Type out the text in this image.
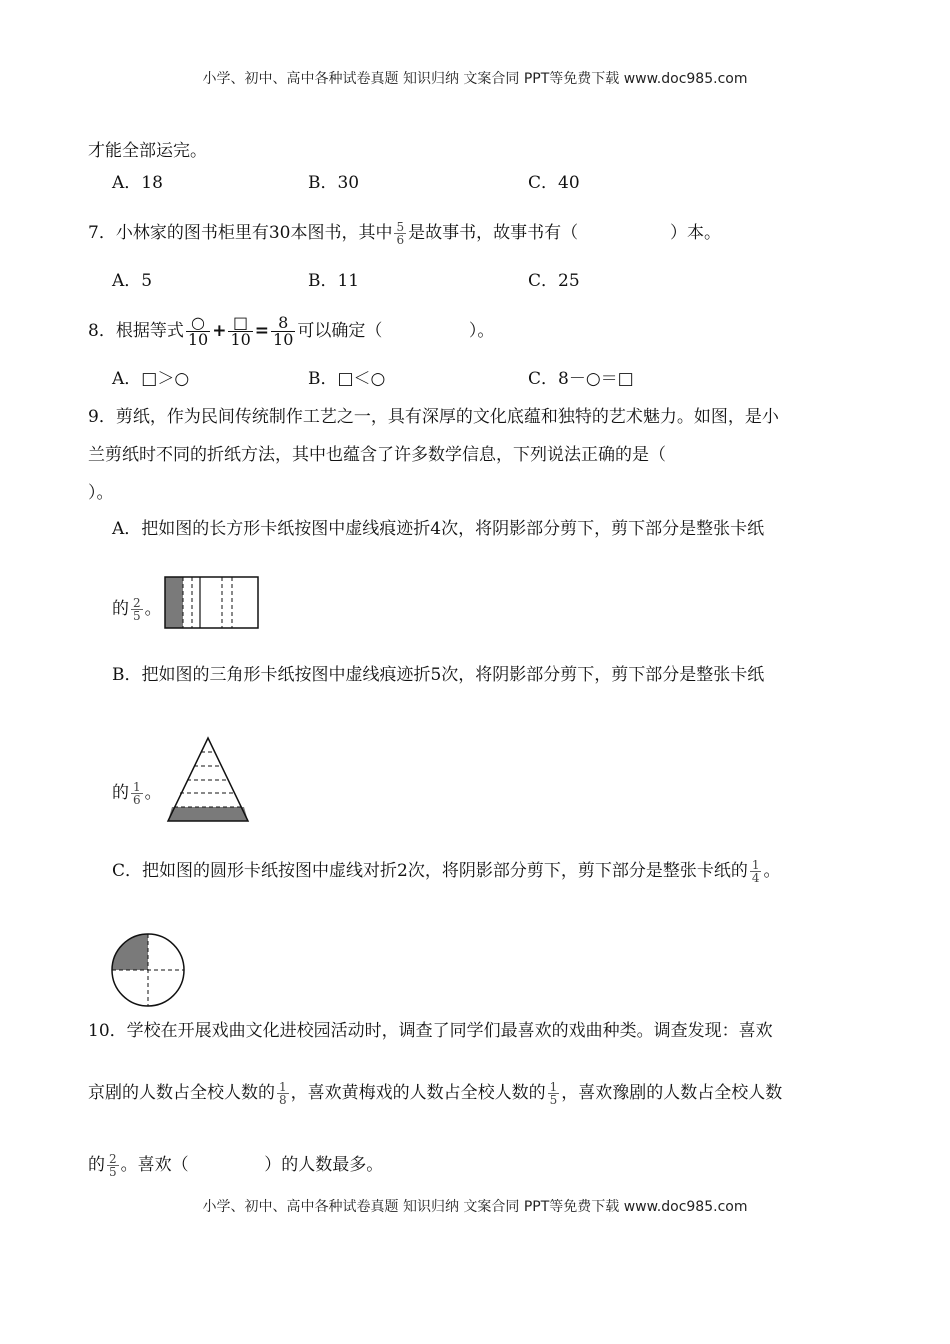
小学、初中、高中各种试卷真题 知识归纳 文案合同 PPT等免费下载 www.doc985.com
才能全部运完。
A．18	B．30	C．40
7．小林家的图书柜里有30本图书，其中 $\frac{5}{6}$ 是故事书，故事书有（                 ）本。
A．5	B．11	C．25
8．根据等式 $\frac{○}{10} + \frac{□}{10} = \frac{8}{10}$ 可以确定（                ）。
A．□＞○	B．□＜○	C．8－○＝□
9．剪纸，作为民间传统制作工艺之一，具有深厚的文化底蕴和独特的艺术魅力。如图，是小
兰剪纸时不同的折纸方法，其中也蕴含了许多数学信息，下列说法正确的是（
）。
A．把如图的长方形卡纸按图中虚线痕迹折4次，将阴影部分剪下，剪下部分是整张卡纸
的 $\frac{2}{5}$ 。
B．把如图的三角形卡纸按图中虚线痕迹折5次，将阴影部分剪下，剪下部分是整张卡纸
的 $\frac{1}{6}$ 。
C．把如图的圆形卡纸按图中虚线对折2次，将阴影部分剪下，剪下部分是整张卡纸的 $\frac{1}{4}$ 。
10．学校在开展戏曲文化进校园活动时，调查了同学们最喜欢的戏曲种类。调查发现：喜欢
京剧的人数占全校人数的 $\frac{1}{8}$ ，喜欢黄梅戏的人数占全校人数的 $\frac{1}{5}$ ，喜欢豫剧的人数占全校人数
的 $\frac{2}{5}$ 。喜欢（              ）的人数最多。
小学、初中、高中各种试卷真题 知识归纳 文案合同 PPT等免费下载 www.doc985.com
